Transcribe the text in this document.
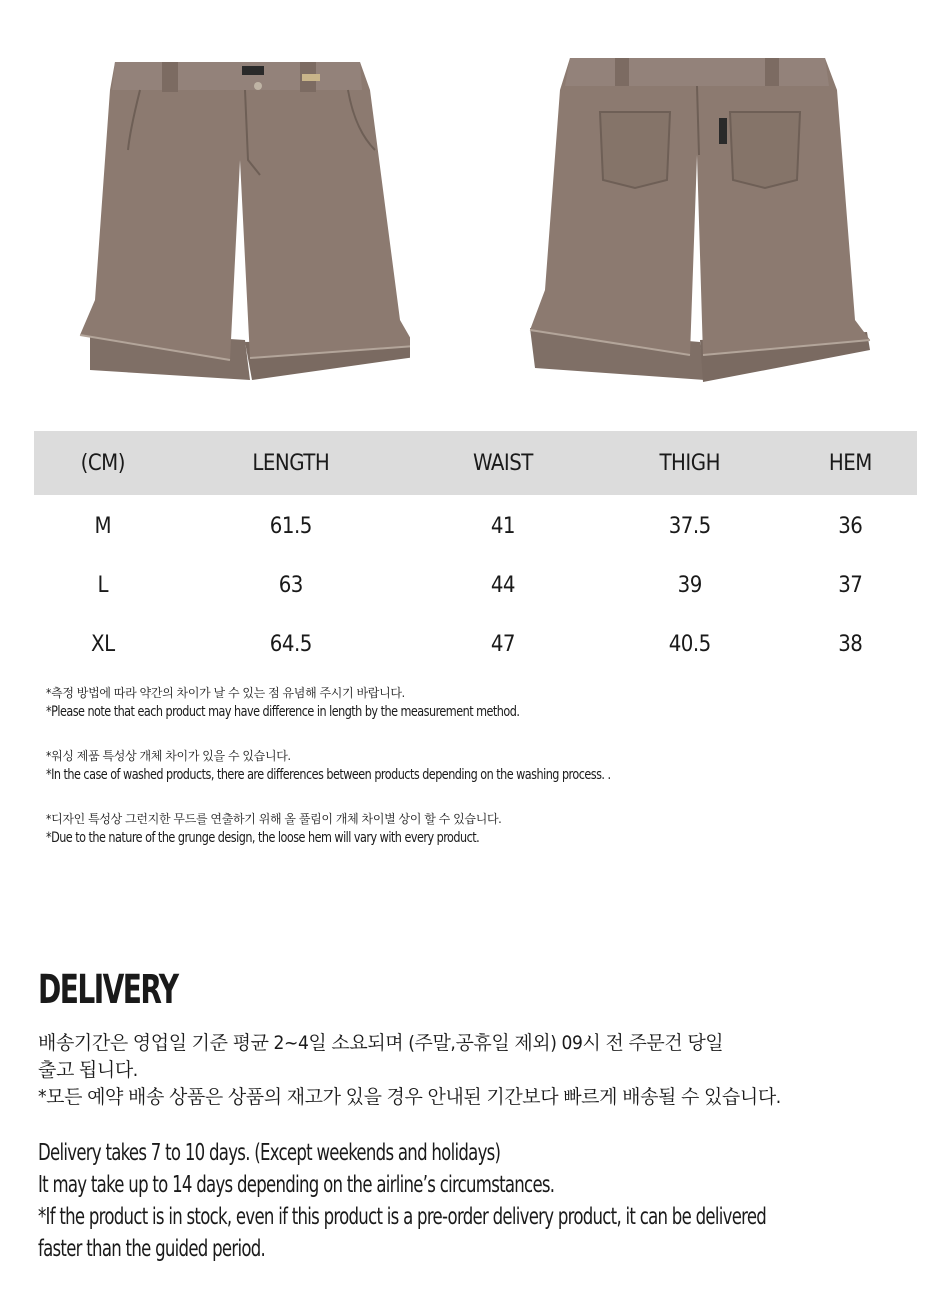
(CM)	LENGTH	WAIST	THIGH	HEM
M	61.5	41	37.5	36
L	63	44	39	37
XL	64.5	47	40.5	38
*측정 방법에 따라 약간의 차이가 날 수 있는 점 유념해 주시기 바랍니다.
*Please note that each product may have difference in length by the measurement method.
*워싱 제품 특성상 개체 차이가 있을 수 있습니다.
*In the case of washed products, there are differences between products depending on the washing process. .
*디자인 특성상 그런지한 무드를 연출하기 위해 올 풀림이 개체 차이별 상이 할 수 있습니다.
*Due to the nature of the grunge design, the loose hem will vary with every product.
DELIVERY
배송기간은 영업일 기준 평균 2~4일 소요되며 (주말,공휴일 제외) 09시 전 주문건 당일
출고 됩니다.
*모든 예약 배송 상품은 상품의 재고가 있을 경우 안내된 기간보다 빠르게 배송될 수 있습니다.
Delivery takes 7 to 10 days. (Except weekends and holidays)
It may take up to 14 days depending on the airline’s circumstances.
*If the product is in stock, even if this product is a pre-order delivery product, it can be delivered
faster than the guided period.
